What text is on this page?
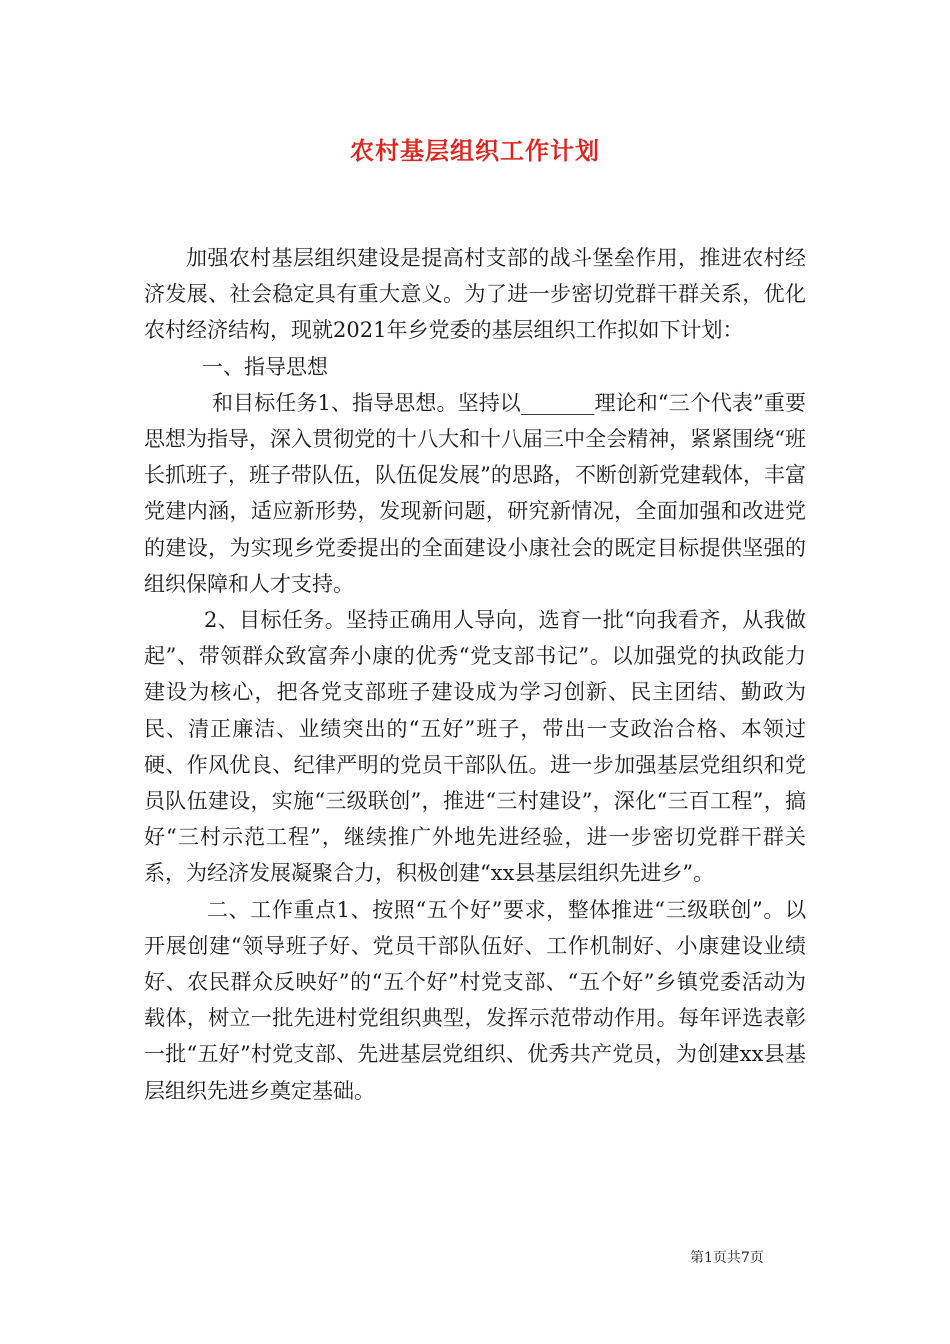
农村基层组织工作计划

加强农村基层组织建设是提高村支部的战斗堡垒作用，推进农村经济发展、社会稳定具有重大意义。为了进一步密切党群干群关系，优化农村经济结构，现就2021年乡党委的基层组织工作拟如下计划：

一、指导思想

和目标任务1、指导思想。坚持以_______理论和“三个代表”重要思想为指导，深入贯彻党的十八大和十八届三中全会精神，紧紧围绕“班长抓班子，班子带队伍，队伍促发展”的思路，不断创新党建载体，丰富党建内涵，适应新形势，发现新问题，研究新情况，全面加强和改进党的建设，为实现乡党委提出的全面建设小康社会的既定目标提供坚强的组织保障和人才支持。

2、目标任务。坚持正确用人导向，选育一批“向我看齐，从我做起”、带领群众致富奔小康的优秀“党支部书记”。以加强党的执政能力建设为核心，把各党支部班子建设成为学习创新、民主团结、勤政为民、清正廉洁、业绩突出的“五好”班子，带出一支政治合格、本领过硬、作风优良、纪律严明的党员干部队伍。进一步加强基层党组织和党员队伍建设，实施“三级联创”，推进“三村建设”，深化“三百工程”，搞好“三村示范工程”，继续推广外地先进经验，进一步密切党群干群关系，为经济发展凝聚合力，积极创建“xx县基层组织先进乡”。

二、工作重点1、按照“五个好”要求，整体推进“三级联创”。以开展创建“领导班子好、党员干部队伍好、工作机制好、小康建设业绩好、农民群众反映好”的“五个好”村党支部、“五个好”乡镇党委活动为载体，树立一批先进村党组织典型，发挥示范带动作用。每年评选表彰一批“五好”村党支部、先进基层党组织、优秀共产党员，为创建xx县基层组织先进乡奠定基础。

第1页共7页
